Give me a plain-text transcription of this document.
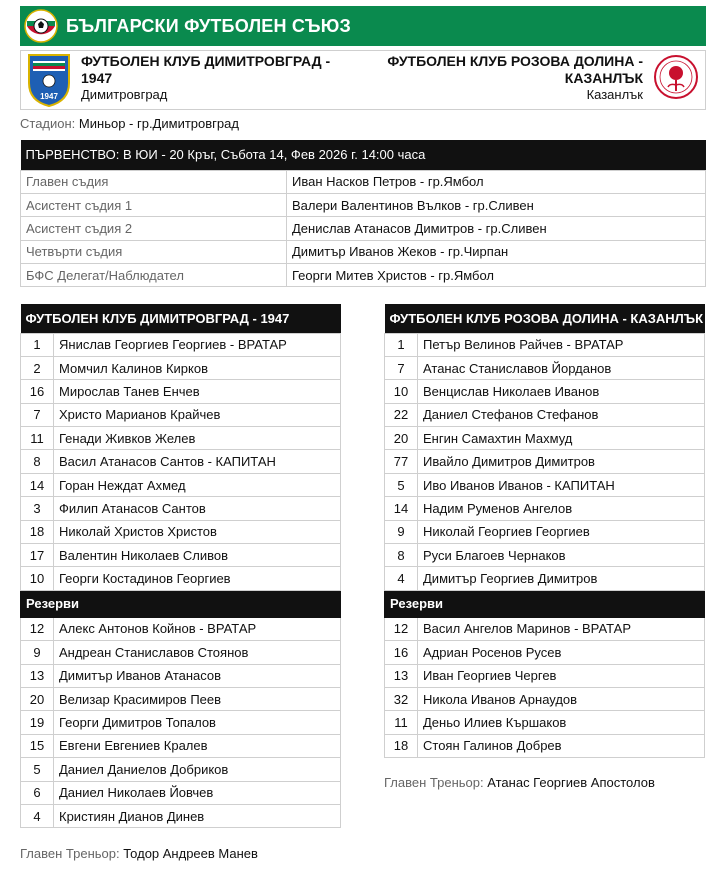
БЪЛГАРСКИ ФУТБОЛЕН СЪЮЗ
1947
ФУТБОЛЕН КЛУБ ДИМИТРОВГРАД -
1947
Димитровград
ФУТБОЛЕН КЛУБ РОЗОВА ДОЛИНА -
КАЗАНЛЪК
Казанлък
Стадион: Миньор - гр.Димитровград
ПЪРВЕНСТВО: В ЮИ - 20 Кръг, Събота 14, Фев 2026 г. 14:00 часа	
Главен съдия	Иван Насков Петров - гр.Ямбол
Асистент съдия 1	Валери Валентинов Вълков - гр.Сливен
Асистент съдия 2	Денислав Атанасов Димитров - гр.Сливен
Четвърти съдия	Димитър Иванов Жеков - гр.Чирпан
БФС Делегат/Наблюдател	Георги Митев Христов - гр.Ямбол
ФУТБОЛЕН КЛУБ ДИМИТРОВГРАД - 1947	
1	Янислав Георгиев Георгиев - ВРАТАР
2	Момчил Калинов Кирков
16	Мирослав Танев Енчев
7	Христо Марианов Крайчев
11	Генади Живков Желев
8	Васил Атанасов Сантов - КАПИТАН
14	Горан Неждат Ахмед
3	Филип Атанасов Сантов
18	Николай Христов Христов
17	Валентин Николаев Сливов
10	Георги Костадинов Георгиев
Резерви	
12	Алекс Антонов Койнов - ВРАТАР
9	Андреан Станиславов Стоянов
13	Димитър Иванов Атанасов
20	Велизар Красимиров Пеев
19	Георги Димитров Топалов
15	Евгени Евгениев Кралев
5	Даниел Даниелов Добриков
6	Даниел Николаев Йовчев
4	Кристиян Дианов Динев
ФУТБОЛЕН КЛУБ РОЗОВА ДОЛИНА - КАЗАНЛЪК	
1	Петър Велинов Райчев - ВРАТАР
7	Атанас Станиславов Йорданов
10	Венцислав Николаев Иванов
22	Даниел Стефанов Стефанов
20	Енгин Самахтин Махмуд
77	Ивайло Димитров Димитров
5	Иво Иванов Иванов - КАПИТАН
14	Надим Руменов Ангелов
9	Николай Георгиев Георгиев
8	Руси Благоев Чернаков
4	Димитър Георгиев Димитров
Резерви	
12	Васил Ангелов Маринов - ВРАТАР
16	Адриан Росенов Русев
13	Иван Георгиев Чергев
32	Никола Иванов Арнаудов
11	Деньо Илиев Кършаков
18	Стоян Галинов Добрев
Главен Треньор: Атанас Георгиев Апостолов
Главен Треньор: Тодор Андреев Манев
